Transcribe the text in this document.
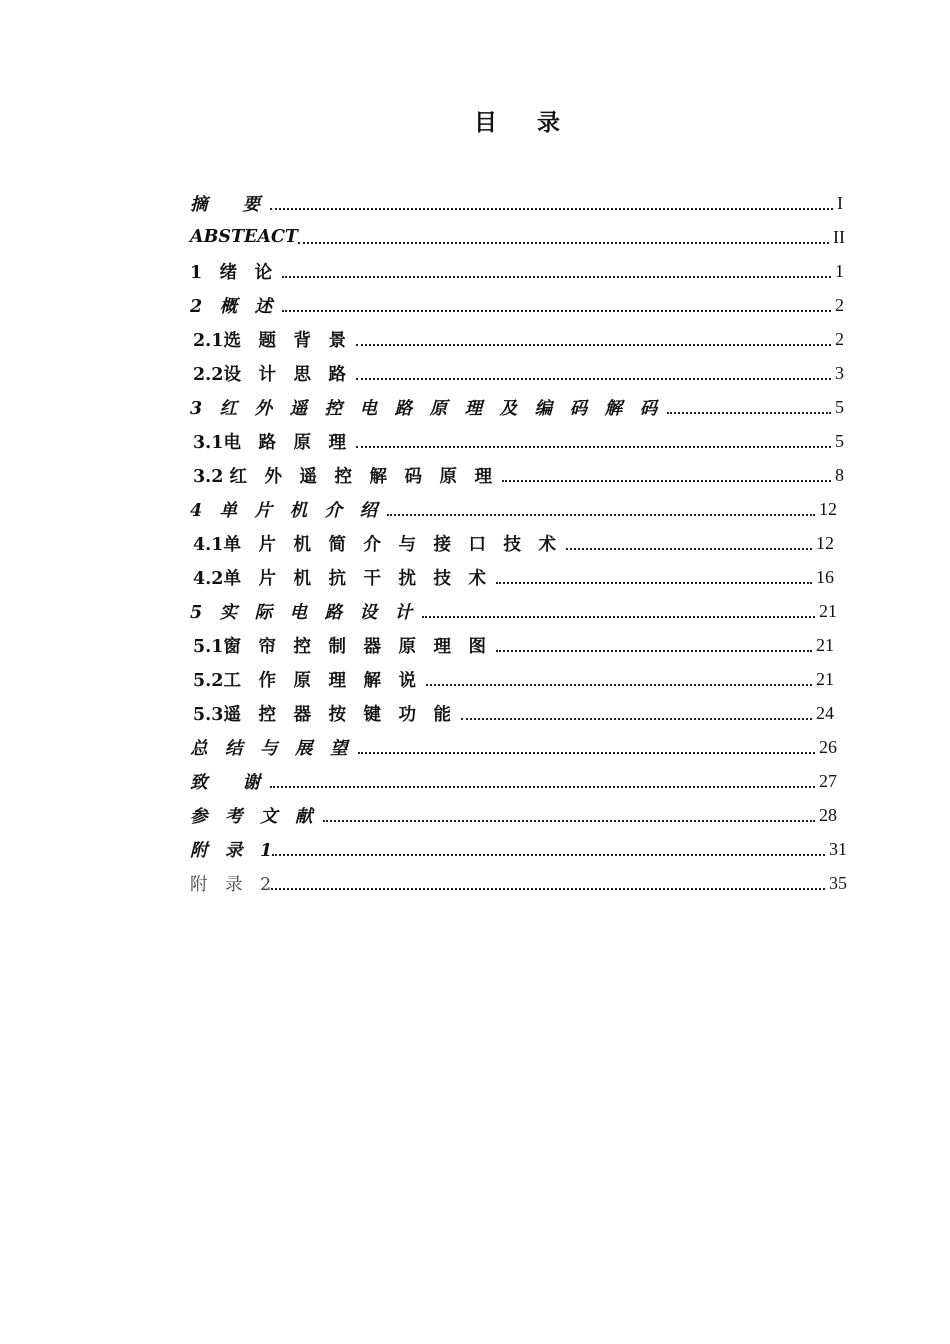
目 录
摘　　要	I
ABSTEACT	II
1　绪　论	1
2　概　述	2
2.1选　题　背　景	2
2.2设　计　思　路	3
3　红　外　遥　控　电　路　原　理　及　编　码　解　码	5
3.1电　路　原　理	5
3.2 红　外　遥　控　解　码　原　理	8
4　单　片　机　介　绍	12
4.1单　片　机　简　介　与　接　口　技　术	12
4.2单　片　机　抗　干　扰　技　术	16
5　实　际　电　路　设　计	21
5.1窗　帘　控　制　器　原　理　图	21
5.2工　作　原　理　解　说	21
5.3遥　控　器　按　键　功　能	24
总　结　与　展　望	26
致　　谢	27
参　考　文　献	28
附　录　1	31
附　录　2	35
